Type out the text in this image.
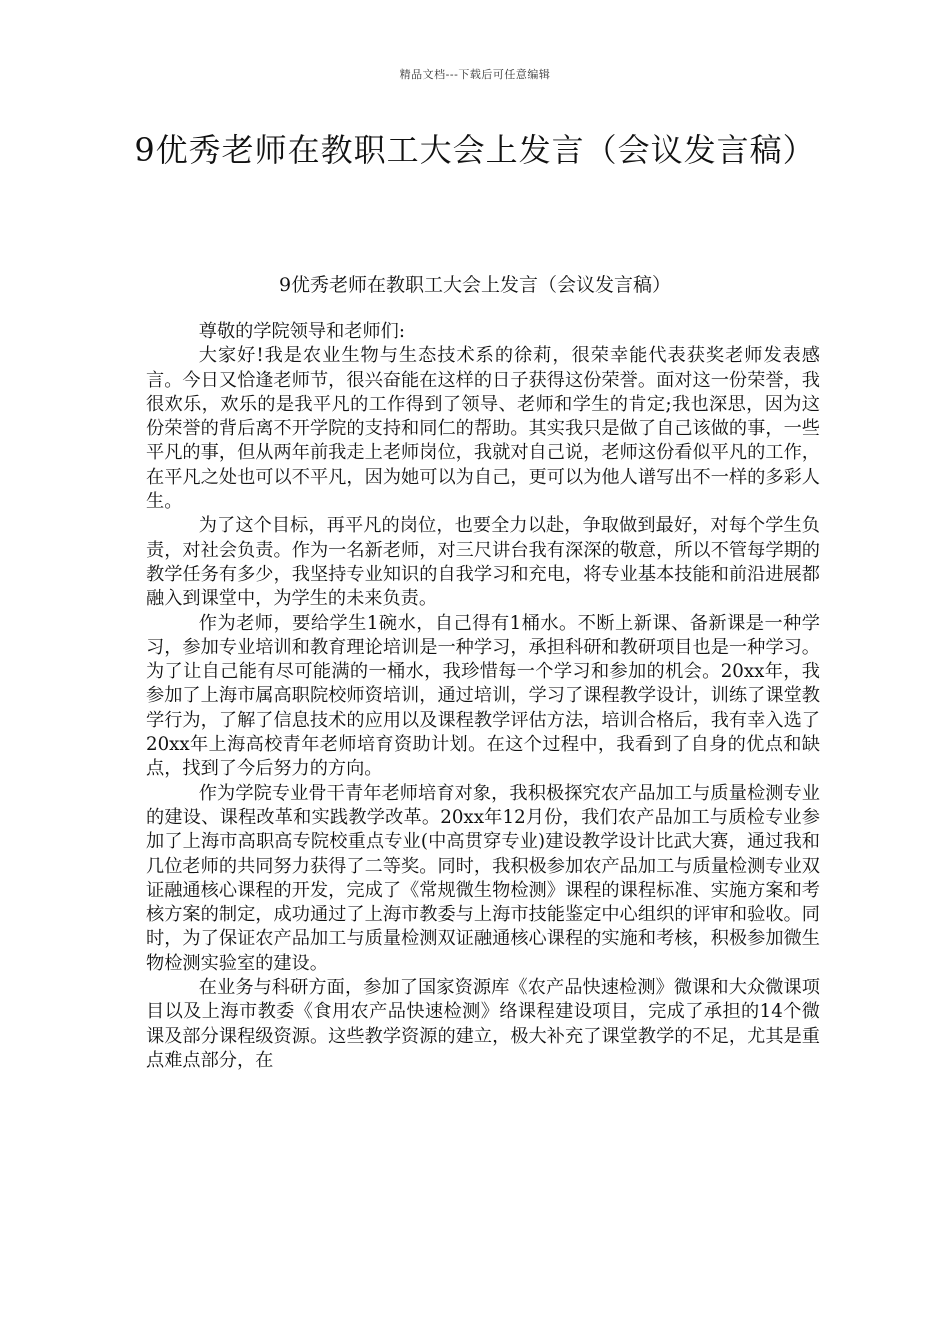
精品文档---下载后可任意编辑
9优秀老师在教职工大会上发言（会议发言稿）
9优秀老师在教职工大会上发言（会议发言稿）

尊敬的学院领导和老师们:

大家好!我是农业生物与生态技术系的徐莉，很荣幸能代表获奖老师发表感言。今日又恰逢老师节，很兴奋能在这样的日子获得这份荣誉。面对这一份荣誉，我很欢乐，欢乐的是我平凡的工作得到了领导、老师和学生的肯定;我也深思，因为这份荣誉的背后离不开学院的支持和同仁的帮助。其实我只是做了自己该做的事，一些平凡的事，但从两年前我走上老师岗位，我就对自己说，老师这份看似平凡的工作，在平凡之处也可以不平凡，因为她可以为自己，更可以为他人谱写出不一样的多彩人生。

为了这个目标，再平凡的岗位，也要全力以赴，争取做到最好，对每个学生负责，对社会负责。作为一名新老师，对三尺讲台我有深深的敬意，所以不管每学期的教学任务有多少，我坚持专业知识的自我学习和充电，将专业基本技能和前沿进展都融入到课堂中，为学生的未来负责。

作为老师，要给学生1碗水，自己得有1桶水。不断上新课、备新课是一种学习，参加专业培训和教育理论培训是一种学习，承担科研和教研项目也是一种学习。为了让自己能有尽可能满的一桶水，我珍惜每一个学习和参加的机会。20xx年，我参加了上海市属高职院校师资培训，通过培训，学习了课程教学设计，训练了课堂教学行为，了解了信息技术的应用以及课程教学评估方法，培训合格后，我有幸入选了20xx年上海高校青年老师培育资助计划。在这个过程中，我看到了自身的优点和缺点，找到了今后努力的方向。

作为学院专业骨干青年老师培育对象，我积极探究农产品加工与质量检测专业的建设、课程改革和实践教学改革。20xx年12月份，我们农产品加工与质检专业参加了上海市高职高专院校重点专业(中高贯穿专业)建设教学设计比武大赛，通过我和几位老师的共同努力获得了二等奖。同时，我积极参加农产品加工与质量检测专业双证融通核心课程的开发，完成了《常规微生物检测》课程的课程标准、实施方案和考核方案的制定，成功通过了上海市教委与上海市技能鉴定中心组织的评审和验收。同时，为了保证农产品加工与质量检测双证融通核心课程的实施和考核，积极参加微生物检测实验室的建设。

在业务与科研方面，参加了国家资源库《农产品快速检测》微课和大众微课项目以及上海市教委《食用农产品快速检测》络课程建设项目，完成了承担的14个微课及部分课程级资源。这些教学资源的建立，极大补充了课堂教学的不足，尤其是重点难点部分，在
